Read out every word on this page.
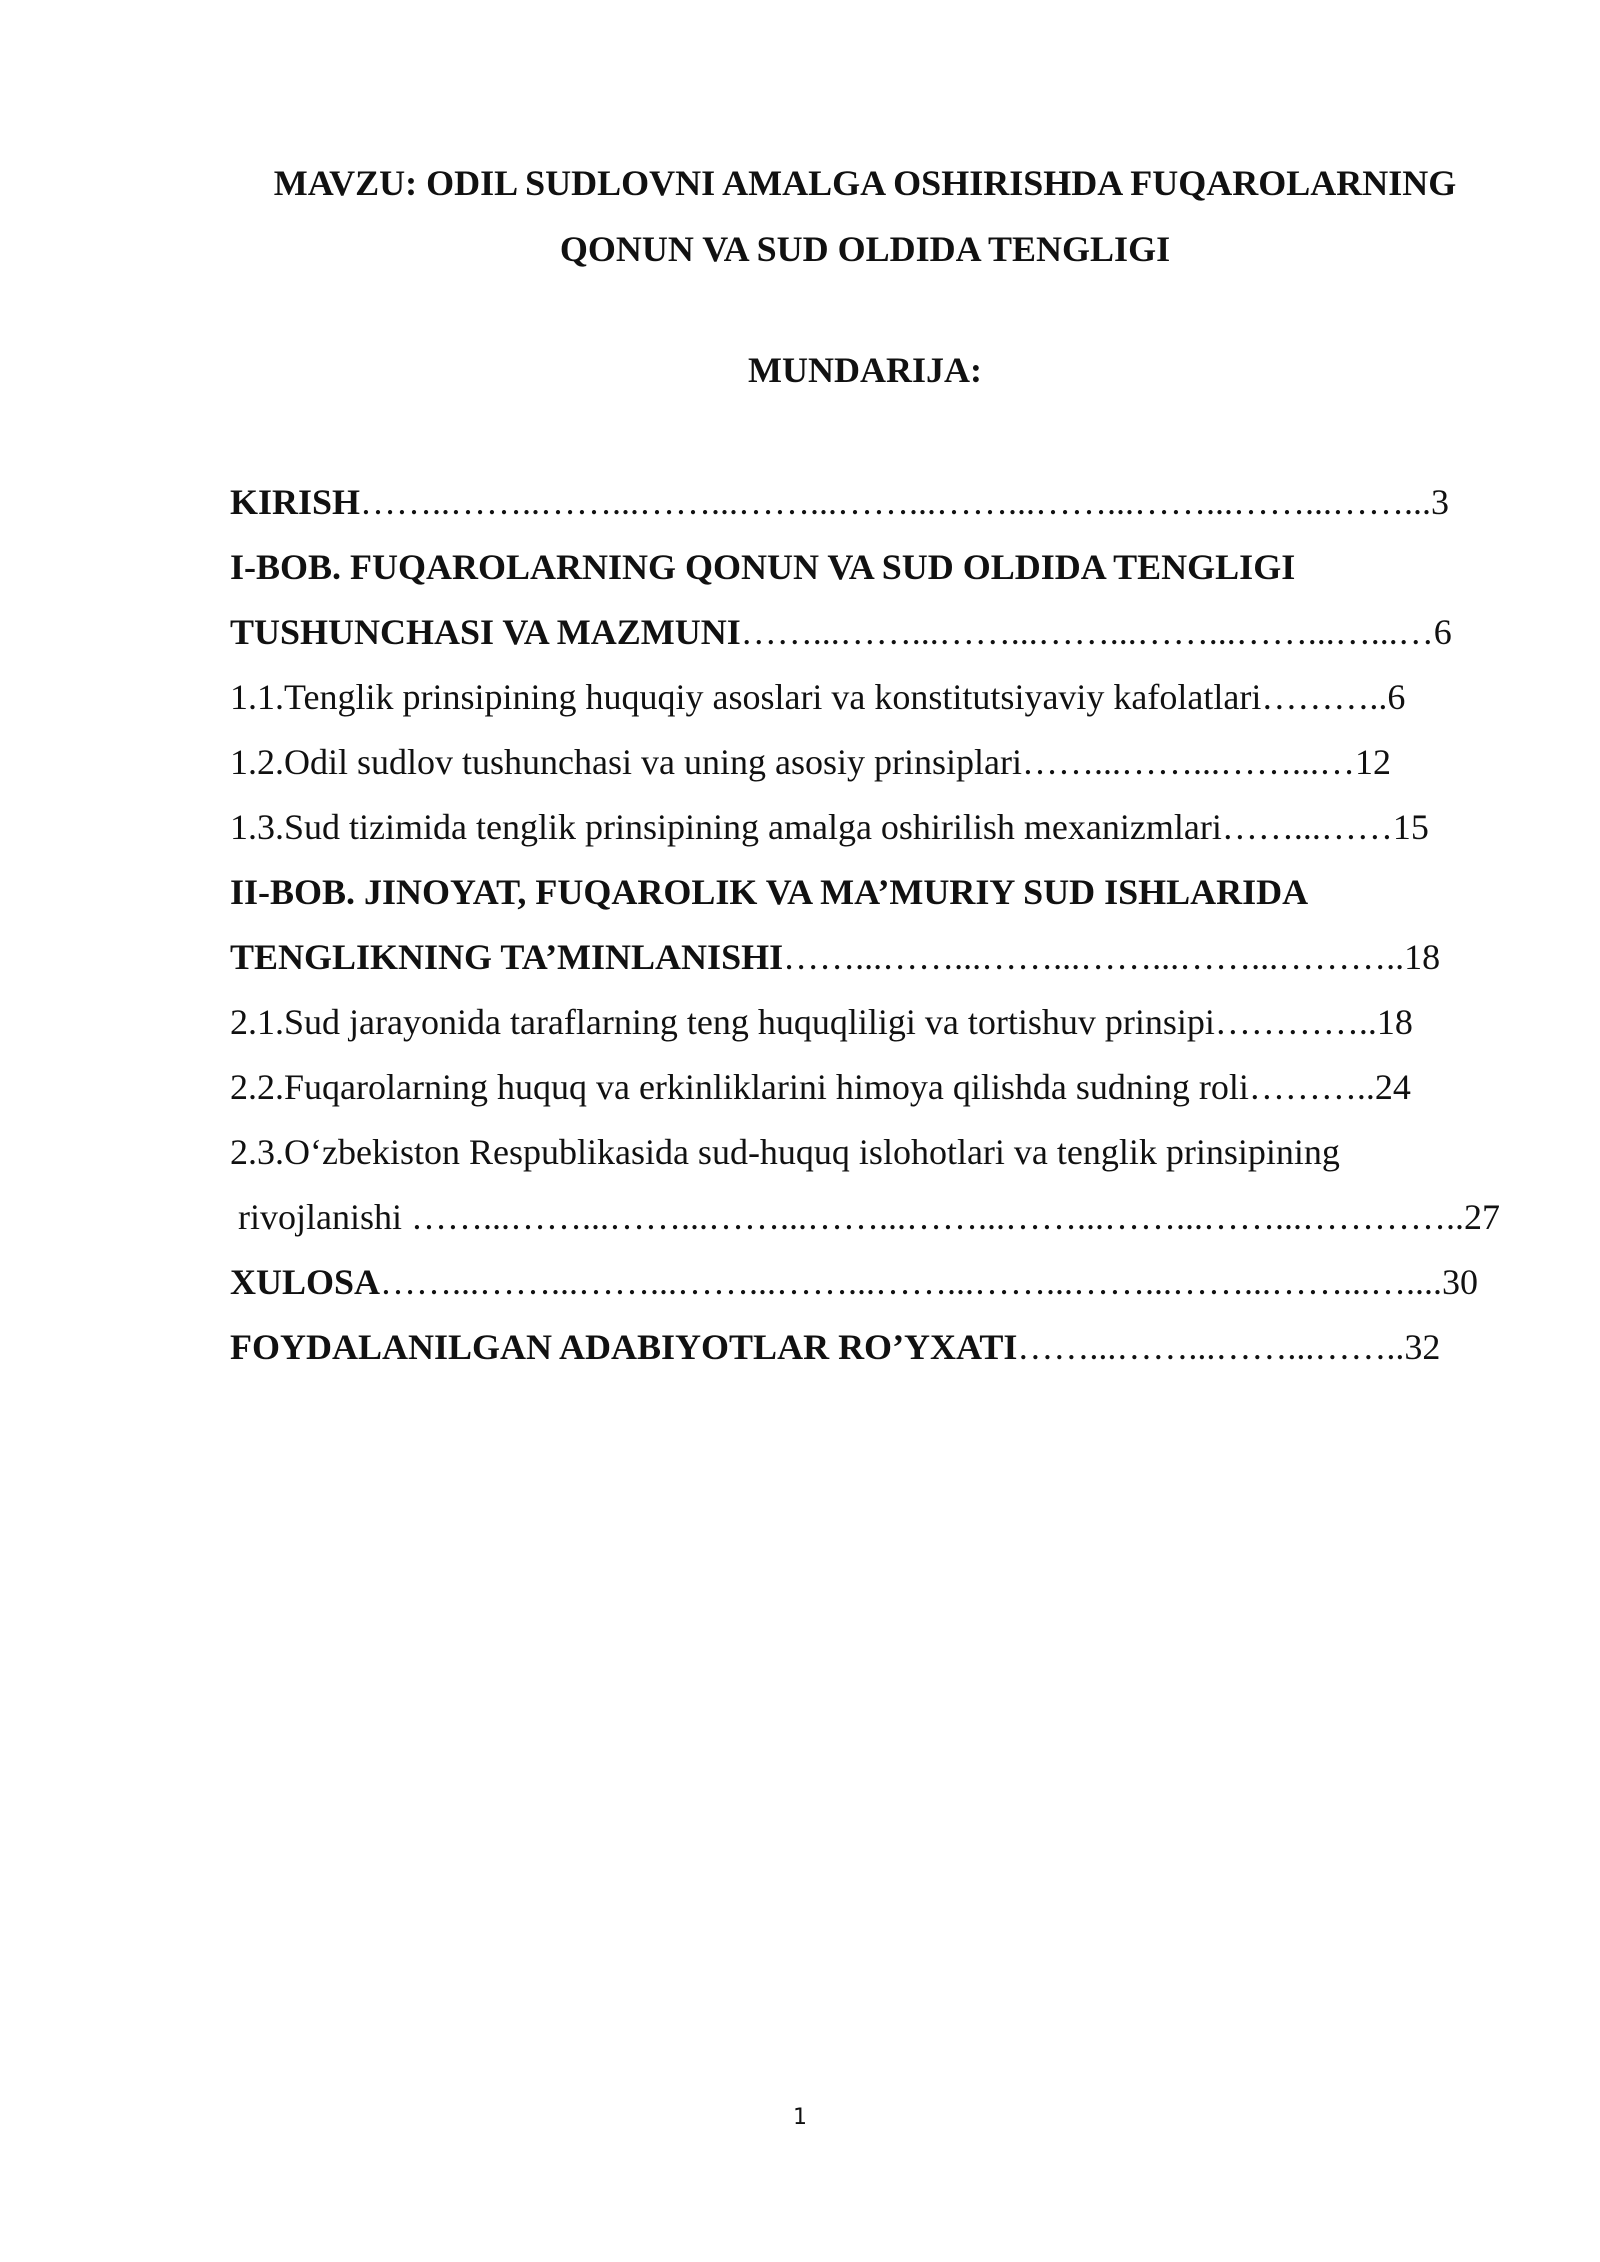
MAVZU: ODIL SUDLOVNI AMALGA OSHIRISHDA FUQAROLARNING
QONUN VA SUD OLDIDA TENGLIGI
MUNDARIJA:
KIRISH……..……..……...……...……...……...……...……...……...……...……...3
I-BOB. FUQAROLARNING QONUN VA SUD OLDIDA TENGLIGI
TUSHUNCHASI VA MAZMUNI……...……...……...……...……...……...…...…6
1.1.Tenglik prinsipining huquqiy asoslari va konstitutsiyaviy kafolatlari………..6
1.2.Odil sudlov tushunchasi va uning asosiy prinsiplari……...……...……...…12
1.3.Sud tizimida tenglik prinsipining amalga oshirilish mexanizmlari……...……15
II-BOB. JINOYAT, FUQAROLIK VA MA’MURIY SUD ISHLARIDA
TENGLIKNING TA’MINLANISHI……...……...……...……...……...………..18
2.1.Sud jarayonida taraflarning teng huquqliligi va tortishuv prinsipi…………..18
2.2.Fuqarolarning huquq va erkinliklarini himoya qilishda sudning roli………..24
2.3.O‘zbekiston Respublikasida sud-huquq islohotlari va tenglik prinsipining
rivojlanishi ……...……...……...……...……...……...……...……...……...…………..27
XULOSA……...……...……...……...……...……...……...……...……...……...…....30
FOYDALANILGAN ADABIYOTLAR RO’YXATI……...……...……...……..32
1
